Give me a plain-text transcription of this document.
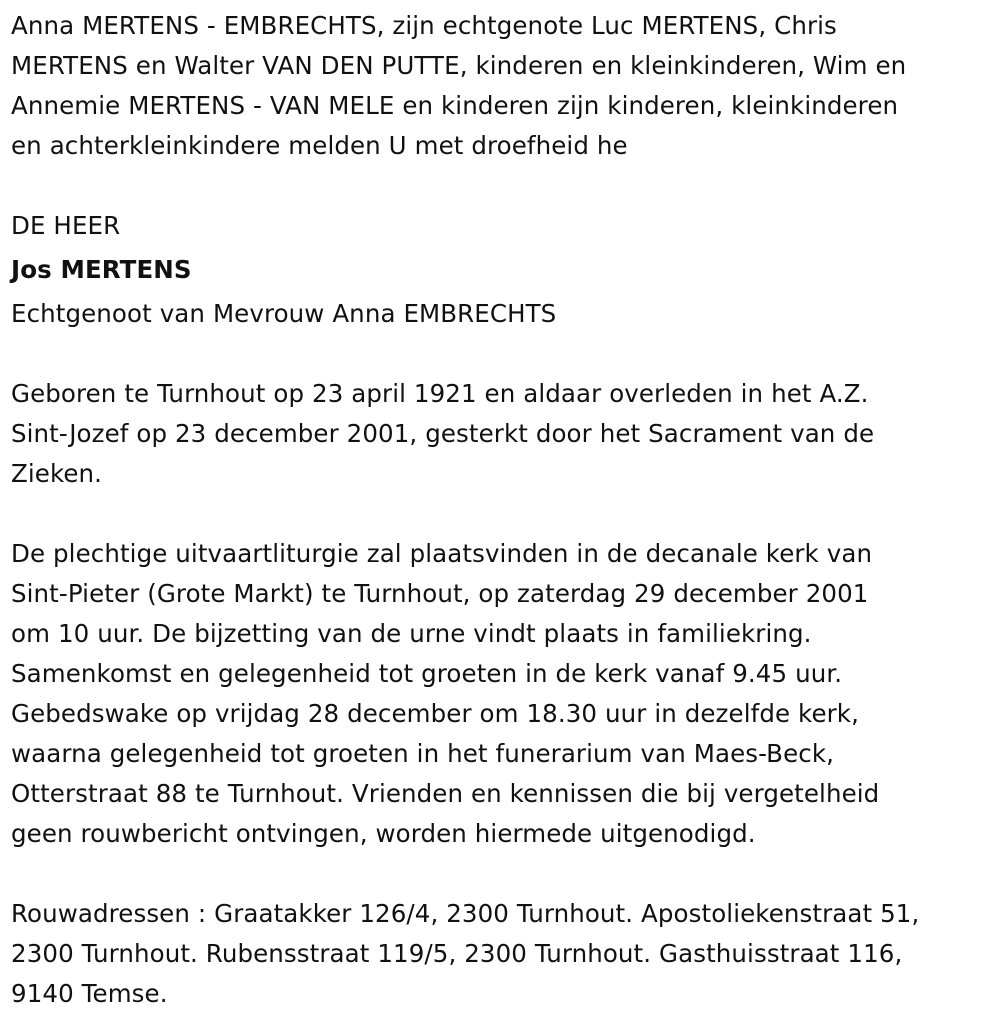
Anna MERTENS - EMBRECHTS, zijn echtgenote Luc MERTENS, Chris

MERTENS en Walter VAN DEN PUTTE, kinderen en kleinkinderen, Wim en

Annemie MERTENS - VAN MELE en kinderen zijn kinderen, kleinkinderen

en achterkleinkindere melden U met droefheid he

DE HEER

Jos MERTENS

Echtgenoot van Mevrouw Anna EMBRECHTS

Geboren te Turnhout op 23 april 1921 en aldaar overleden in het A.Z.

Sint-Jozef op 23 december 2001, gesterkt door het Sacrament van de

Zieken.

De plechtige uitvaartliturgie zal plaatsvinden in de decanale kerk van

Sint-Pieter (Grote Markt) te Turnhout, op zaterdag 29 december 2001

om 10 uur. De bijzetting van de urne vindt plaats in familiekring.

Samenkomst en gelegenheid tot groeten in de kerk vanaf 9.45 uur.

Gebedswake op vrijdag 28 december om 18.30 uur in dezelfde kerk,

waarna gelegenheid tot groeten in het funerarium van Maes-Beck,

Otterstraat 88 te Turnhout. Vrienden en kennissen die bij vergetelheid

geen rouwbericht ontvingen, worden hiermede uitgenodigd.

Rouwadressen : Graatakker 126/4, 2300 Turnhout. Apostoliekenstraat 51,

2300 Turnhout. Rubensstraat 119/5, 2300 Turnhout. Gasthuisstraat 116,

9140 Temse.
